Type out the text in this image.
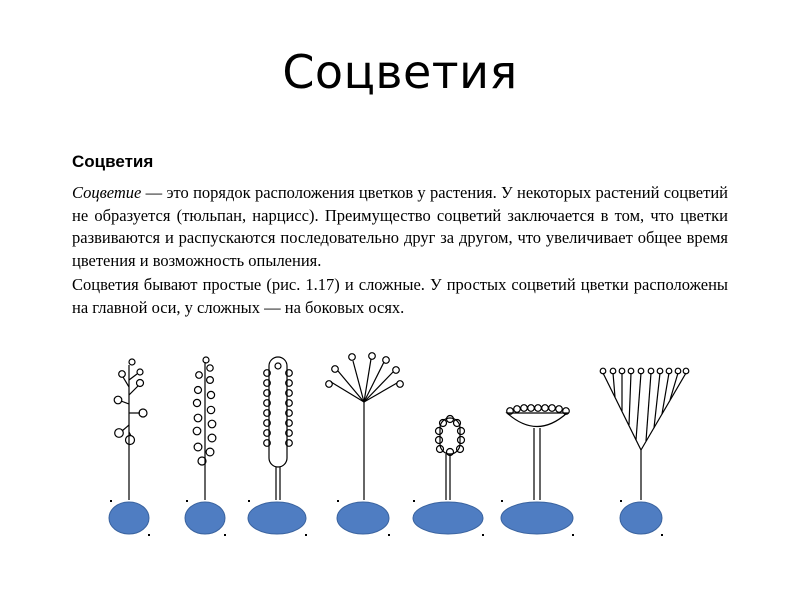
Соцветия
Соцветия
Соцветие — это порядок расположения цветков у растения. У некоторых растений соцветий не образуется (тюльпан, нарцисс). Преимущество соцветий заключается в том, что цветки развиваются и распускаются последовательно друг за другом, что увеличивает общее время цветения и возможность опыления.
Соцветия бывают простые (рис. 1.17) и сложные. У простых соцветий цветки расположены на главной оси, у сложных — на боковых осях.
